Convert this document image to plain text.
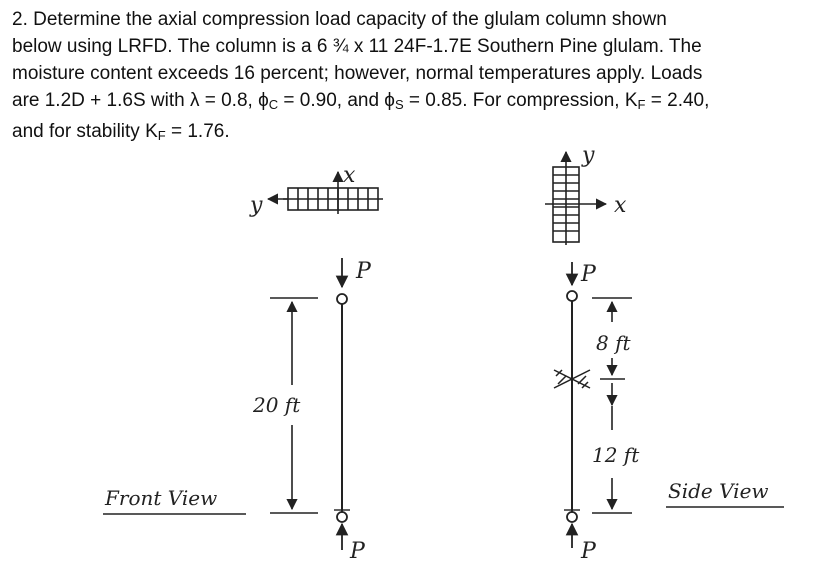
2. Determine the axial compression load capacity of the glulam column shown
below using LRFD. The column is a 6 ¾ x 11 24F-1.7E Southern Pine glulam. The
moisture content exceeds 16 percent; however, normal temperatures apply. Loads
are 1.2D + 1.6S with λ = 0.8, $\phi_C = 0.90$, and $\phi_S = 0.85$. For compression, $K_F = 2.40$,
and for stability $K_F = 1.76$.
x
y
P
P
20 ft
Front View
y
x
P
P
8 ft
12 ft
Side View
